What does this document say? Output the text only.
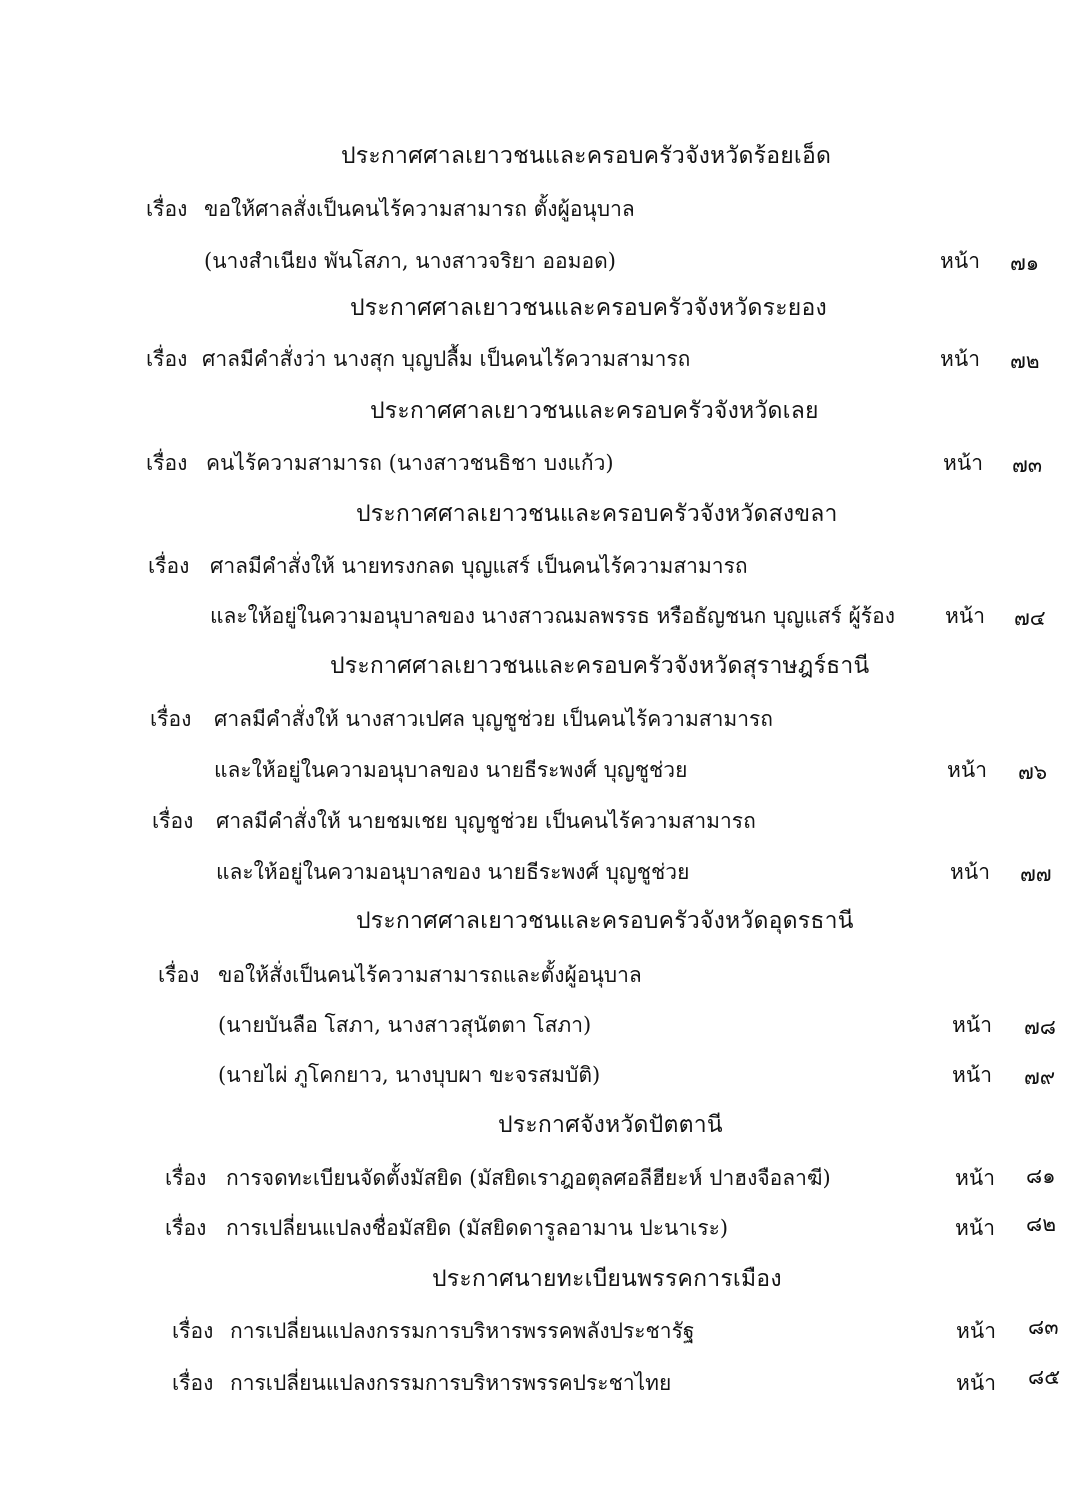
ประกาศศาลเยาวชนและครอบครัวจังหวัดร้อยเอ็ด
เรื่อง ขอให้ศาลสั่งเป็นคนไร้ความสามารถ ตั้งผู้อนุบาล
(นางสำเนียง พันโสภา, นางสาวจริยา ออมอด)	หน้า ๗๑
ประกาศศาลเยาวชนและครอบครัวจังหวัดระยอง
เรื่อง ศาลมีคำสั่งว่า นางสุก บุญปลื้ม เป็นคนไร้ความสามารถ	หน้า ๗๒
ประกาศศาลเยาวชนและครอบครัวจังหวัดเลย
เรื่อง คนไร้ความสามารถ (นางสาวชนธิชา บงแก้ว)	หน้า ๗๓
ประกาศศาลเยาวชนและครอบครัวจังหวัดสงขลา
เรื่อง ศาลมีคำสั่งให้ นายทรงกลด บุญแสร์ เป็นคนไร้ความสามารถ
และให้อยู่ในความอนุบาลของ นางสาวณมลพรรธ หรือธัญชนก บุญแสร์ ผู้ร้อง หน้า ๗๔
ประกาศศาลเยาวชนและครอบครัวจังหวัดสุราษฎร์ธานี
เรื่อง ศาลมีคำสั่งให้ นางสาวเปศล บุญชูช่วย เป็นคนไร้ความสามารถ
และให้อยู่ในความอนุบาลของ นายธีระพงศ์ บุญชูช่วย	หน้า ๗๖
เรื่อง ศาลมีคำสั่งให้ นายชมเชย บุญชูช่วย เป็นคนไร้ความสามารถ
และให้อยู่ในความอนุบาลของ นายธีระพงศ์ บุญชูช่วย	หน้า ๗๗
ประกาศศาลเยาวชนและครอบครัวจังหวัดอุดรธานี
เรื่อง ขอให้สั่งเป็นคนไร้ความสามารถและตั้งผู้อนุบาล
(นายบันลือ โสภา, นางสาวสุนัตตา โสภา)	หน้า ๗๘
(นายไผ่ ภูโคกยาว, นางบุบผา ขะจรสมบัติ)	หน้า ๗๙
ประกาศจังหวัดปัตตานี
เรื่อง การจดทะเบียนจัดตั้งมัสยิด (มัสยิดเราฎอตุลศอลีฮียะห์ ปาฮงจือลาฆี)	หน้า ๘๑
เรื่อง การเปลี่ยนแปลงชื่อมัสยิด (มัสยิดดารูลอามาน ปะนาเระ)	หน้า ๘๒
ประกาศนายทะเบียนพรรคการเมือง
เรื่อง การเปลี่ยนแปลงกรรมการบริหารพรรคพลังประชารัฐ	หน้า ๘๓
เรื่อง การเปลี่ยนแปลงกรรมการบริหารพรรคประชาไทย	หน้า ๘๕
